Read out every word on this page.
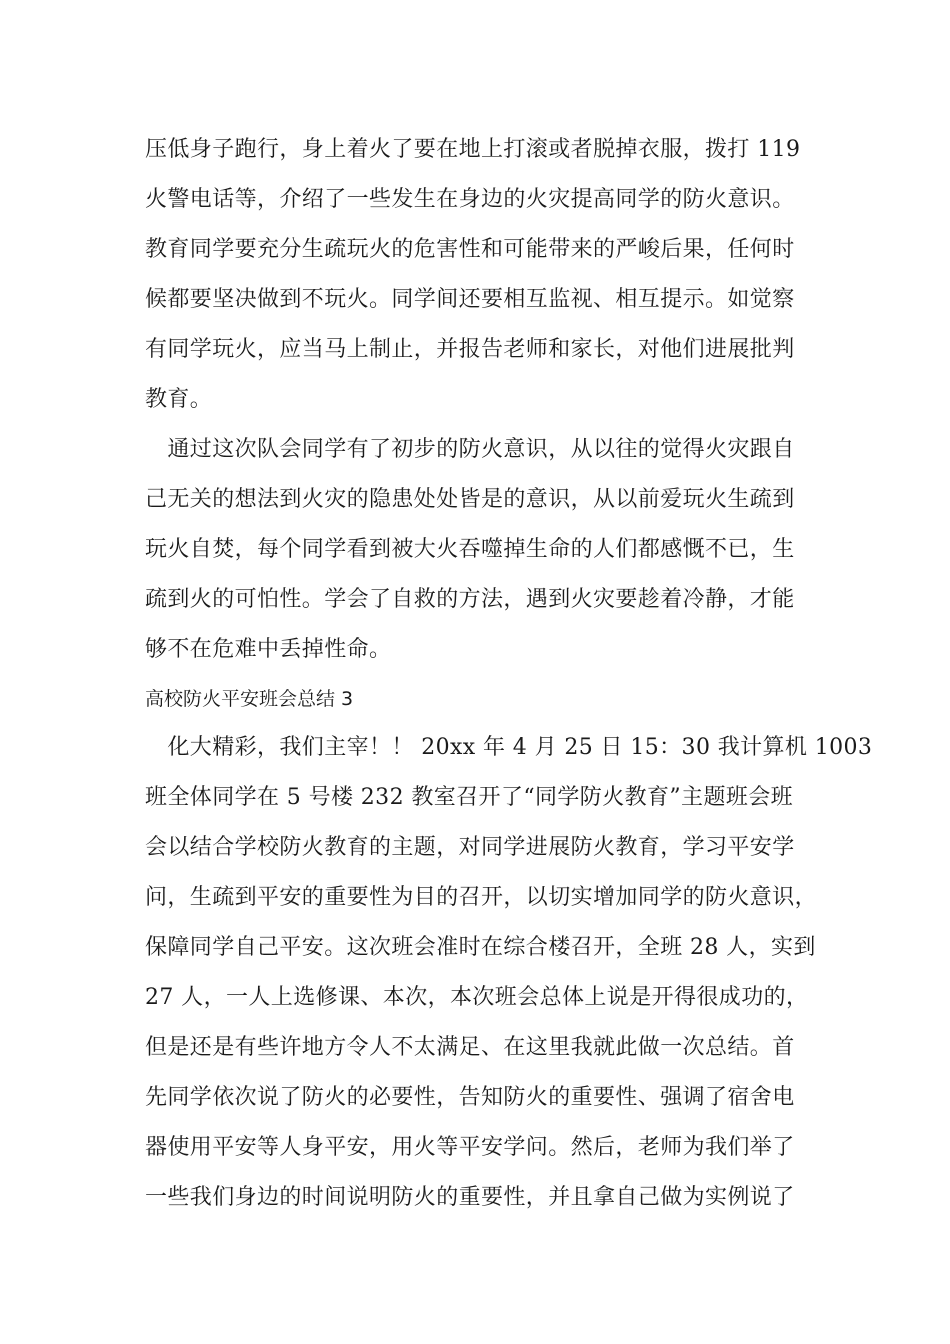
压低身子跑行，身上着火了要在地上打滚或者脱掉衣服，拨打 119
火警电话等，介绍了一些发生在身边的火灾提高同学的防火意识。
教育同学要充分生疏玩火的危害性和可能带来的严峻后果，任何时
候都要坚决做到不玩火。同学间还要相互监视、相互提示。如觉察
有同学玩火，应当马上制止，并报告老师和家长，对他们进展批判
教育。
　通过这次队会同学有了初步的防火意识，从以往的觉得火灾跟自
己无关的想法到火灾的隐患处处皆是的意识，从以前爱玩火生疏到
玩火自焚，每个同学看到被大火吞噬掉生命的人们都感慨不已，生
疏到火的可怕性。学会了自救的方法，遇到火灾要趁着冷静，才能
够不在危难中丢掉性命。
高校防火平安班会总结 3
　化大精彩，我们主宰！！ 20xx 年 4 月 25 日 15：30 我计算机 1003
班全体同学在 5 号楼 232 教室召开了“同学防火教育”主题班会班
会以结合学校防火教育的主题，对同学进展防火教育，学习平安学
问，生疏到平安的重要性为目的召开，以切实增加同学的防火意识，
保障同学自己平安。这次班会准时在综合楼召开，全班 28 人，实到
27 人，一人上选修课、本次，本次班会总体上说是开得很成功的，
但是还是有些许地方令人不太满足、在这里我就此做一次总结。首
先同学依次说了防火的必要性，告知防火的重要性、强调了宿舍电
器使用平安等人身平安，用火等平安学问。然后，老师为我们举了
一些我们身边的时间说明防火的重要性，并且拿自己做为实例说了
